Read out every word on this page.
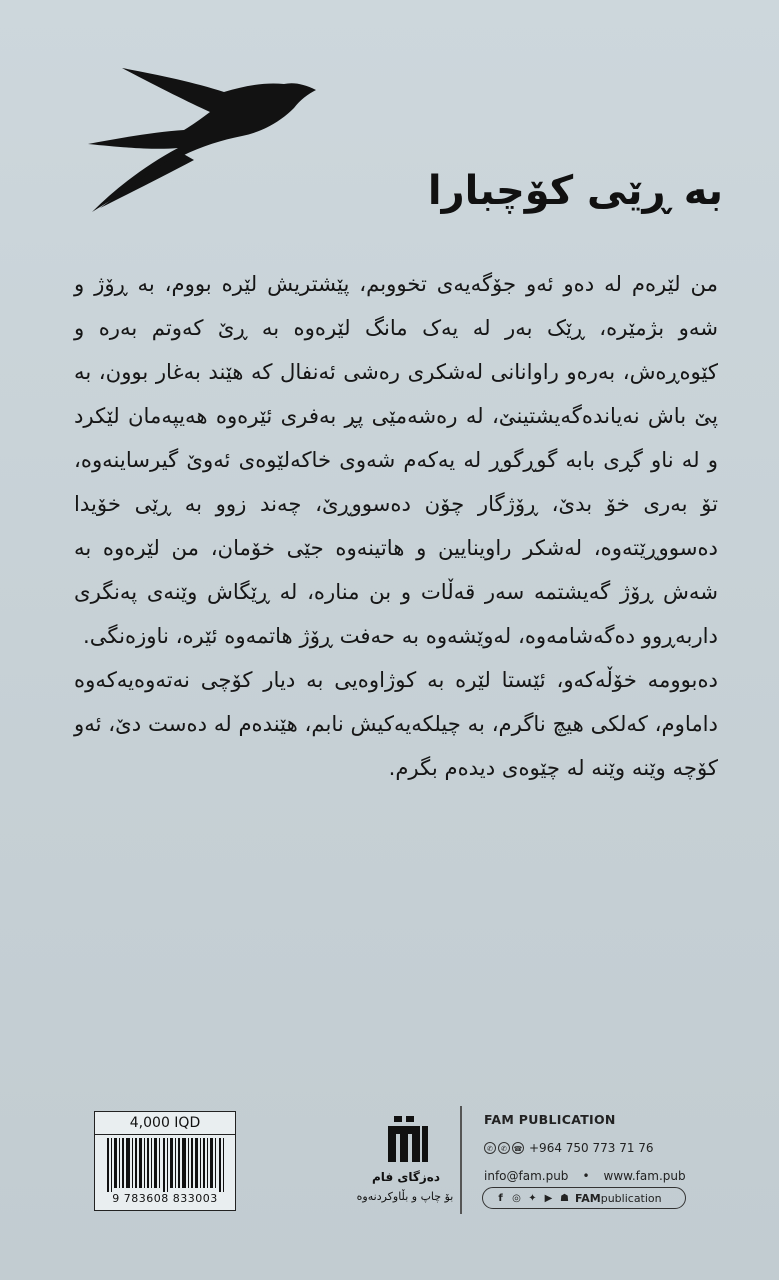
به ڕێی کۆچبارا

من لێرەم لە دەو ئەو جۆگەیەی تخووبم، پێشتریش لێرە بووم، بە ڕۆژ و شەو بژمێرە، ڕێک بەر لە یەک مانگ لێرەوە بە ڕێ کەوتم بەرە و کێوەڕەش، بەرەو راوانانی لەشکری رەشی ئەنفال کە هێند بەغار بوون، بە پێ باش نەیاندەگەیشتینێ، لە رەشەمێی پڕ بەفری ئێرەوە هەیپەمان لێکرد و لە ناو گڕی بابە گوڕگوڕ لە یەکەم شەوی خاکەلێوەی ئەوێ گیرساینەوە، تۆ بەری خۆ بدێ، ڕۆژگار چۆن دەسووڕێ، چەند زوو بە ڕێی خۆیدا دەسووڕێتەوە، لەشکر راوینایین و هاتینەوە جێی خۆمان، من لێرەوە بە شەش ڕۆژ گەیشتمە سەر قەڵات و بن منارە، لە ڕێگاش وێنەی پەنگری داربەڕوو دەگەشامەوە، لەوێشەوە بە حەفت ڕۆژ هاتمەوە ئێرە، ناوزەنگی.

دەبوومە خۆڵەکەو، ئێستا لێرە بە کوژاوەیی بە دیار کۆچی نەتەوەیەکەوە داماوم، کەلکی هیچ ناگرم، بە چیلکەیەکیش نابم، هێندەم لە دەست دێ، ئەو کۆچە وێنە وێنە لە چێوەی دیدەم بگرم.

4,000 IQD
9 783608 833003
دەزگای فام
بۆ چاپ و بڵاوکردنەوە
FAM PUBLICATION
✆	✆ ☎ +964 750 773 71 76
info@fam.pub • www.fam.pub
f ◎ ✦ ▶ ☗ FAMpublication
